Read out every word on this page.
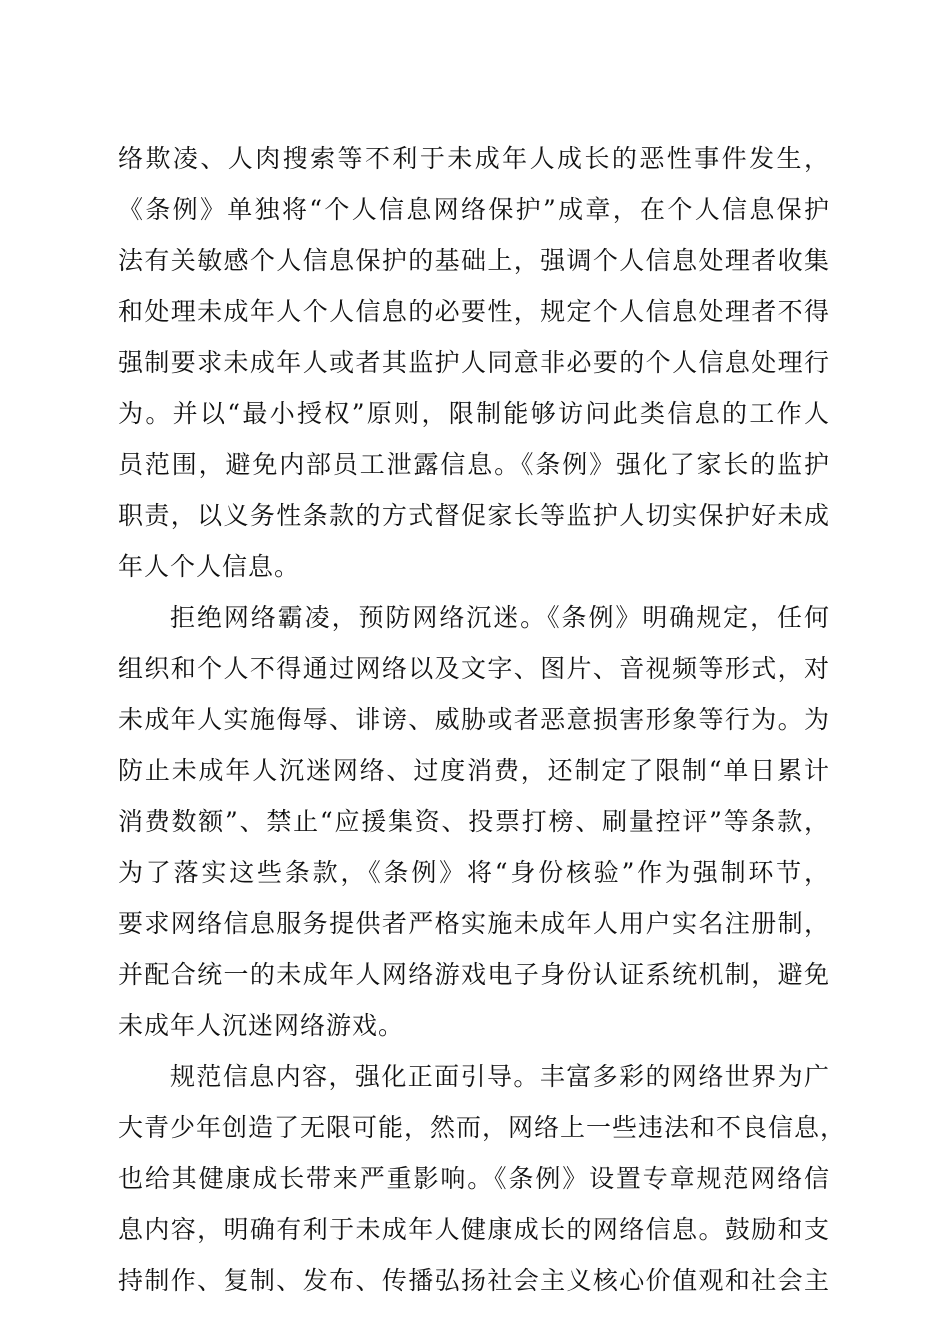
络欺凌、人肉搜索等不利于未成年人成长的恶性事件发生，
《条例》单独将“个人信息网络保护”成章，在个人信息保护
法有关敏感个人信息保护的基础上，强调个人信息处理者收集
和处理未成年人个人信息的必要性，规定个人信息处理者不得
强制要求未成年人或者其监护人同意非必要的个人信息处理行
为。并以“最小授权”原则，限制能够访问此类信息的工作人
员范围，避免内部员工泄露信息。《条例》强化了家长的监护
职责，以义务性条款的方式督促家长等监护人切实保护好未成
年人个人信息。
拒绝网络霸凌，预防网络沉迷。《条例》明确规定，任何
组织和个人不得通过网络以及文字、图片、音视频等形式，对
未成年人实施侮辱、诽谤、威胁或者恶意损害形象等行为。为
防止未成年人沉迷网络、过度消费，还制定了限制“单日累计
消费数额”、禁止“应援集资、投票打榜、刷量控评”等条款，
为了落实这些条款，《条例》将“身份核验”作为强制环节，
要求网络信息服务提供者严格实施未成年人用户实名注册制，
并配合统一的未成年人网络游戏电子身份认证系统机制，避免
未成年人沉迷网络游戏。
规范信息内容，强化正面引导。丰富多彩的网络世界为广
大青少年创造了无限可能，然而，网络上一些违法和不良信息，
也给其健康成长带来严重影响。《条例》设置专章规范网络信
息内容，明确有利于未成年人健康成长的网络信息。鼓励和支
持制作、复制、发布、传播弘扬社会主义核心价值观和社会主
